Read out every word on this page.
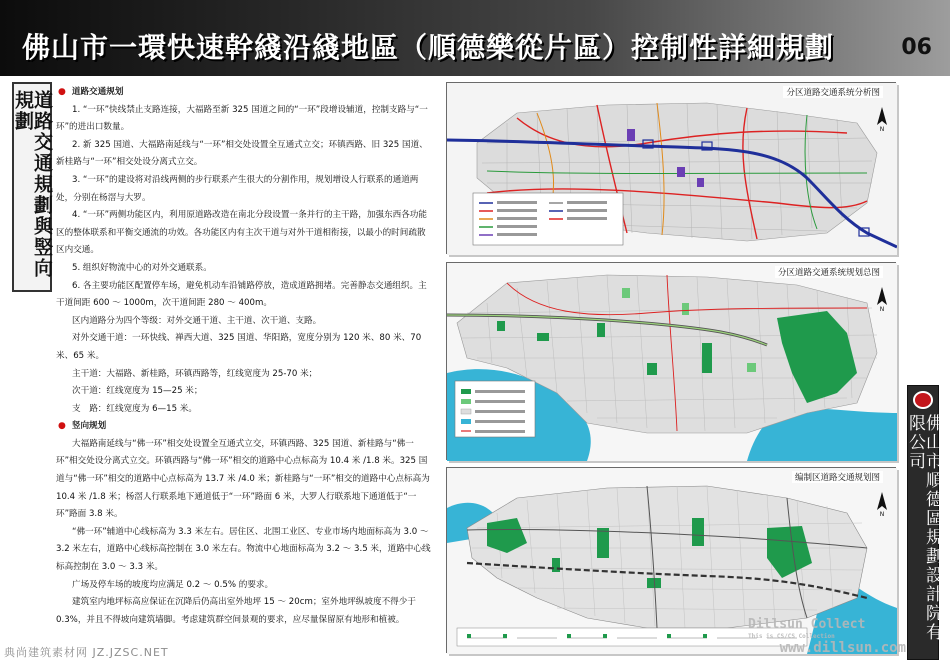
佛山市一環快速幹綫沿綫地區（順德樂從片區）控制性詳細規劃	06
道路交通規劃與竪向規劃	● 道路交通规划

1. “一环”快线禁止支路连接，大福路至新 325 国道之间的“一环”段增设辅道，控制支路与“一环”的进出口数量。

2. 新 325 国道、大福路南延线与“一环”相交处设置全互通式立交；环镇西路、旧 325 国道、新桂路与“一环”相交处设分离式立交。

3. “一环”的建设将对沿线两侧的步行联系产生很大的分割作用，规划增设人行联系的通道两处，分别在杨滘与大罗。

4. “一环”两侧功能区内，利用原道路改造在南北分段设置一条并行的主干路，加强东西各功能区的整体联系和平衡交通流的功效。各功能区内有主次干道与对外干道相衔接，以最小的时间疏散区内交通。

5. 组织好物流中心的对外交通联系。

6. 各主要功能区配置停车场，避免机动车沿铺路停放，造成道路拥堵。完善静态交通组织。主干道间距 600 ～ 1000m，次干道间距 280 ～ 400m。

区内道路分为四个等级：对外交通干道、主干道、次干道、支路。

对外交通干道：一环快线、禅西大道、325 国道、华阳路，宽度分别为 120 米、80 米、70 米、65 米。

主干道：大福路、新桂路，环镇西路等，红线宽度为 25-70 米；

次干道：红线宽度为 15—25 米；

支　路：红线宽度为 6—15 米。

● 竖向规划

大福路南延线与“佛一环”相交处设置全互通式立交，环镇西路、325 国道、新桂路与“佛一环”相交处设分离式立交。环镇西路与“佛一环”相交的道路中心点标高为 10.4 米 /1.8 米。325 国道与“佛一环”相交的道路中心点标高为 13.7 米 /4.0 米；新桂路与“一环”相交的道路中心点标高为 10.4 米 /1.8 米；杨滘人行联系地下通道低于“一环”路面 6 米，大罗人行联系地下通道低于“一环”路面 3.8 米。

“佛一环”辅道中心线标高为 3.3 米左右。居住区、北围工业区、专业市场内地面标高为 3.0 ～ 3.2 米左右，道路中心线标高控制在 3.0 米左右。物流中心地面标高为 3.2 ～ 3.5 米，道路中心线标高控制在 3.0 ～ 3.3 米。

广场及停车场的坡度均应满足 0.2 ～ 0.5% 的要求。

建筑室内地坪标高应保证在沉降后仍高出室外地坪 15 ～ 20cm；室外地坪纵坡度不得少于 0.3%，并且不得坡向建筑墙脚。考虑建筑群空间景观的要求，应尽量保留原有地形和植被。

分区道路交通系统分析图
N
分区道路交通系统规划总图
N
编制区道路交通规划图
N	佛山市順德區規劃設計院有限公司
典尚建筑素材网 JZ.JZSC.NET
Dillsun Collect
This is CS/CS Collection
www.dillsun.com
